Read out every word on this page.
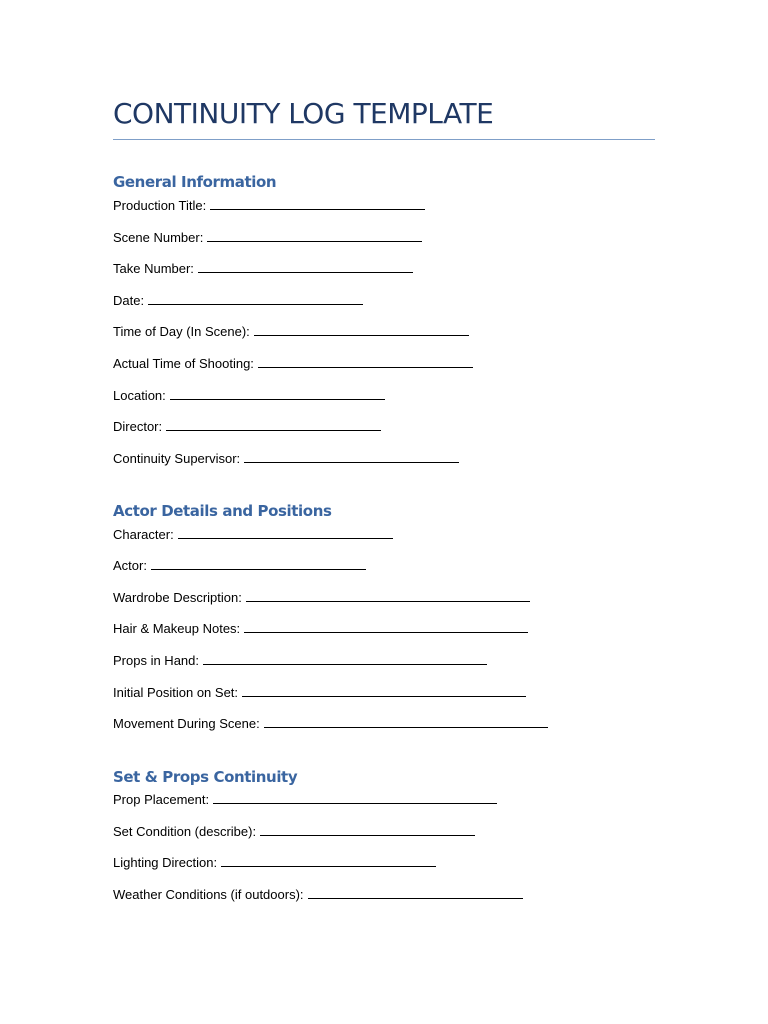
CONTINUITY LOG TEMPLATE
General Information

Production Title:

Scene Number:

Take Number:

Date:

Time of Day (In Scene):

Actual Time of Shooting:

Location:

Director:

Continuity Supervisor:

Actor Details and Positions

Character:

Actor:

Wardrobe Description:

Hair & Makeup Notes:

Props in Hand:

Initial Position on Set:

Movement During Scene:

Set & Props Continuity

Prop Placement:

Set Condition (describe):

Lighting Direction:

Weather Conditions (if outdoors):
